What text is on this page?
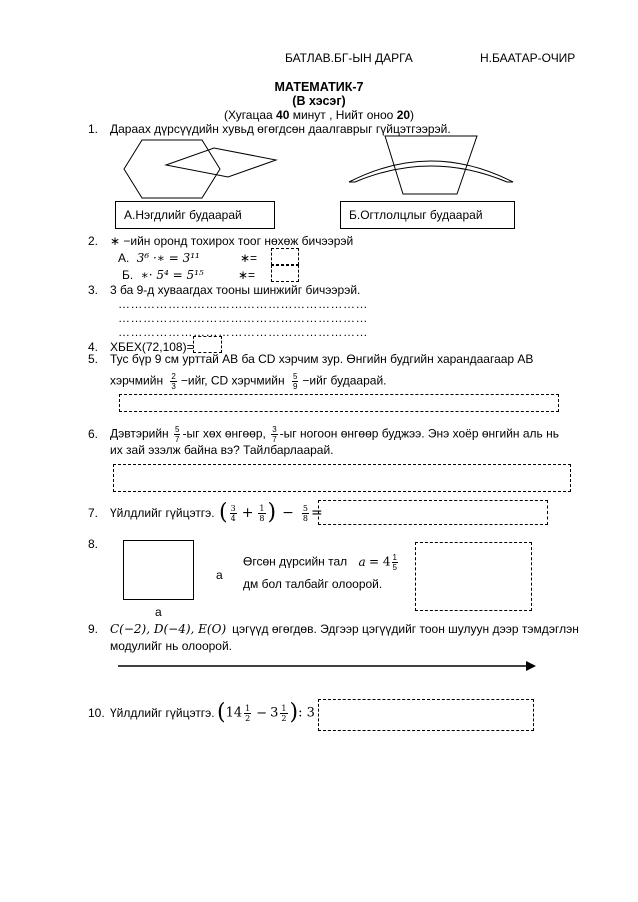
БАТЛАВ.БГ-ЫН ДАРГА	Н.БААТАР-ОЧИР
МАТЕМАТИК-7
(В хэсэг)
(Хугацаа 40 минут , Нийт оноо 20)
1. Дараах дүрсүүдийн хувьд өгөгдсөн даалгаврыг гүйцэтгээрэй.
А.Нэгдлийг будаарай	Б.Огтлолцлыг будаарай
2. ∗ −ийн оронд тохирох тоог нөхөж бичээрэй
А. 3⁶ ·∗ = 3¹¹	∗=
Б. ∗· 5⁴ = 5¹⁵	∗=
3. 3 ба 9-д хуваагдах тооны шинжийг бичээрэй.
……………………………………………………
……………………………………………………
……………………………………………………
4. ХБЕХ(72,108)=
5. Тус бүр 9 см урттай АВ ба СD хэрчим зур. Өнгийн будгийн харандаагаар АВ
хэрчмийн $\frac{2}{3} -ийг$, СD хэрчмийн $\frac{5}{9} -ийг$ будаарай.
6. Дэвтэрийн $\frac{5}{7} -ыг$ хөх өнгөөр, $\frac{3}{7} -ыг$ ногоон өнгөөр буджээ. Энэ хоёр өнгийн аль нь
их зай эзэлж байна вэ? Тайлбарлаарай.
7. Үйлдлийг гүйцэтгэ. ( $\frac{3}{4} + \frac{1}{8}$ ) − $\frac{5}{8}$ =
8.
a
a
Өгсөн дүрсийн тал $a = 4 \frac{1}{5}$
дм бол талбайг олоорой.
9. C(−2), D(−4), E(O) цэгүүд өгөгдөв. Эдгээр цэгүүдийг тоон шулуун дээр тэмдэглэн
модулийг нь олоорой.
10. Үйлдлийг гүйцэтгэ. ($14 \frac{1}{2} - 3 \frac{1}{2}$ ): 3
